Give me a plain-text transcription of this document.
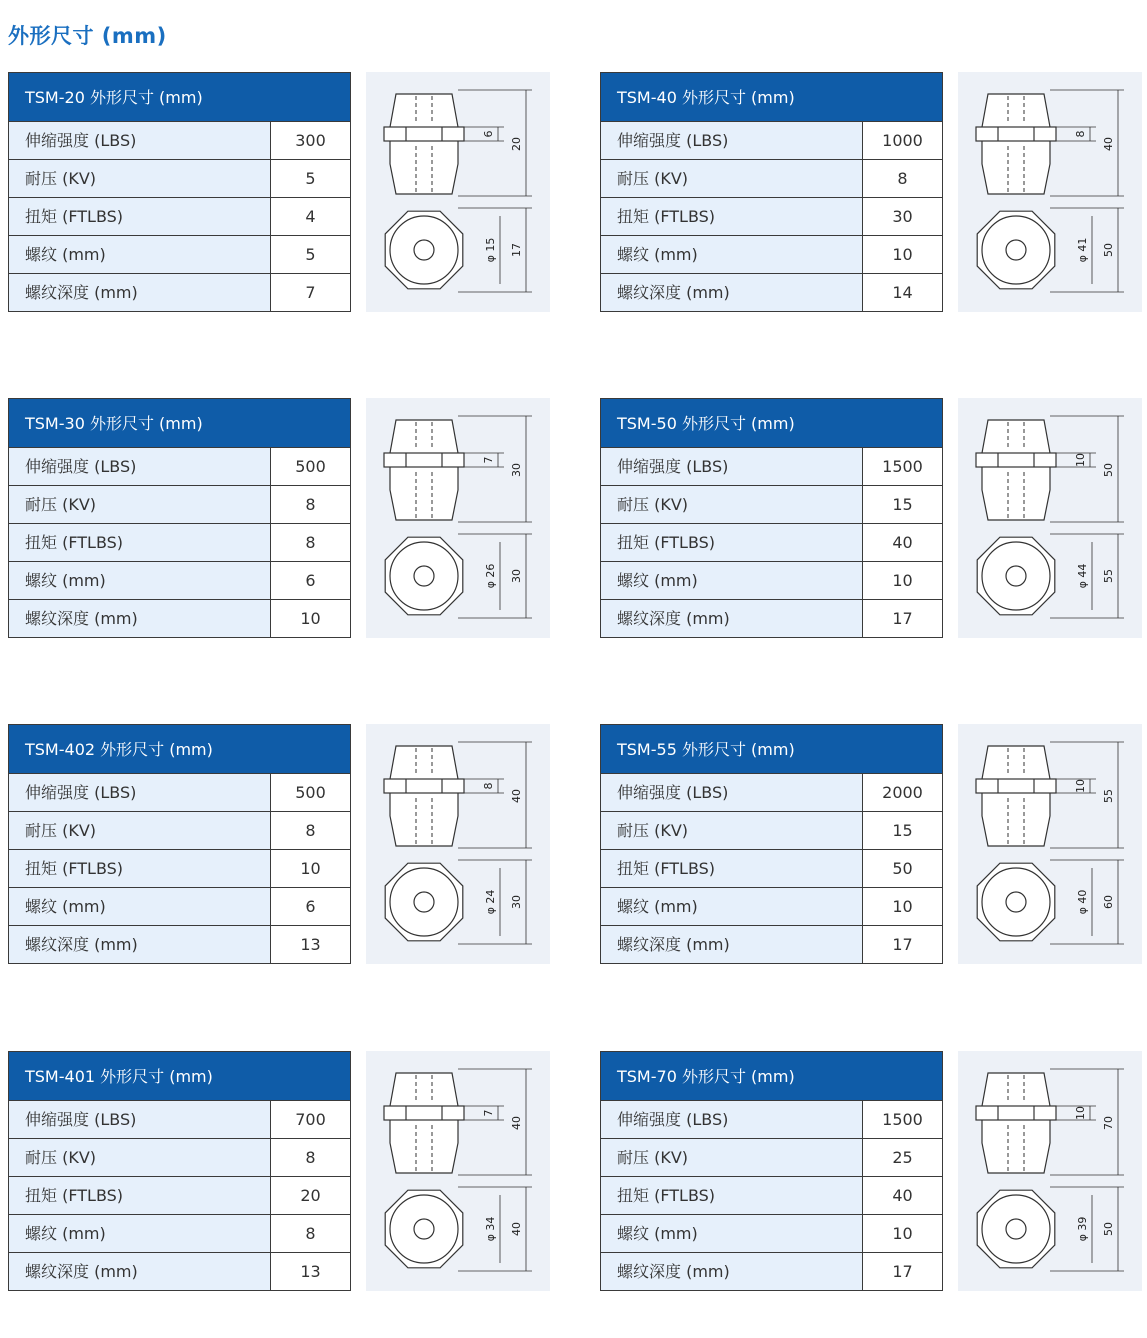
外形尺寸 (mm)
TSM-20 外形尺寸 (mm)
伸缩强度 (LBS)	300
耐压 (KV)	5
扭矩 (FTLBS)	4
螺纹 (mm)	5
螺纹深度 (mm)	7
6
20
φ 15 17
TSM-40 外形尺寸 (mm)
伸缩强度 (LBS)	1000
耐压 (KV)	8
扭矩 (FTLBS)	30
螺纹 (mm)	10
螺纹深度 (mm)	14
8
40
φ 41 50
TSM-30 外形尺寸 (mm)
伸缩强度 (LBS)	500
耐压 (KV)	8
扭矩 (FTLBS)	8
螺纹 (mm)	6
螺纹深度 (mm)	10
7
30
φ 26 30
TSM-50 外形尺寸 (mm)
伸缩强度 (LBS)	1500
耐压 (KV)	15
扭矩 (FTLBS)	40
螺纹 (mm)	10
螺纹深度 (mm)	17
10
50
φ 44 55
TSM-402 外形尺寸 (mm)
伸缩强度 (LBS)	500
耐压 (KV)	8
扭矩 (FTLBS)	10
螺纹 (mm)	6
螺纹深度 (mm)	13
8
40
φ 24 30
TSM-55 外形尺寸 (mm)
伸缩强度 (LBS)	2000
耐压 (KV)	15
扭矩 (FTLBS)	50
螺纹 (mm)	10
螺纹深度 (mm)	17
10
55
φ 40 60
TSM-401 外形尺寸 (mm)
伸缩强度 (LBS)	700
耐压 (KV)	8
扭矩 (FTLBS)	20
螺纹 (mm)	8
螺纹深度 (mm)	13
7
40
φ 34 40
TSM-70 外形尺寸 (mm)
伸缩强度 (LBS)	1500
耐压 (KV)	25
扭矩 (FTLBS)	40
螺纹 (mm)	10
螺纹深度 (mm)	17
10
70
φ 39 50
